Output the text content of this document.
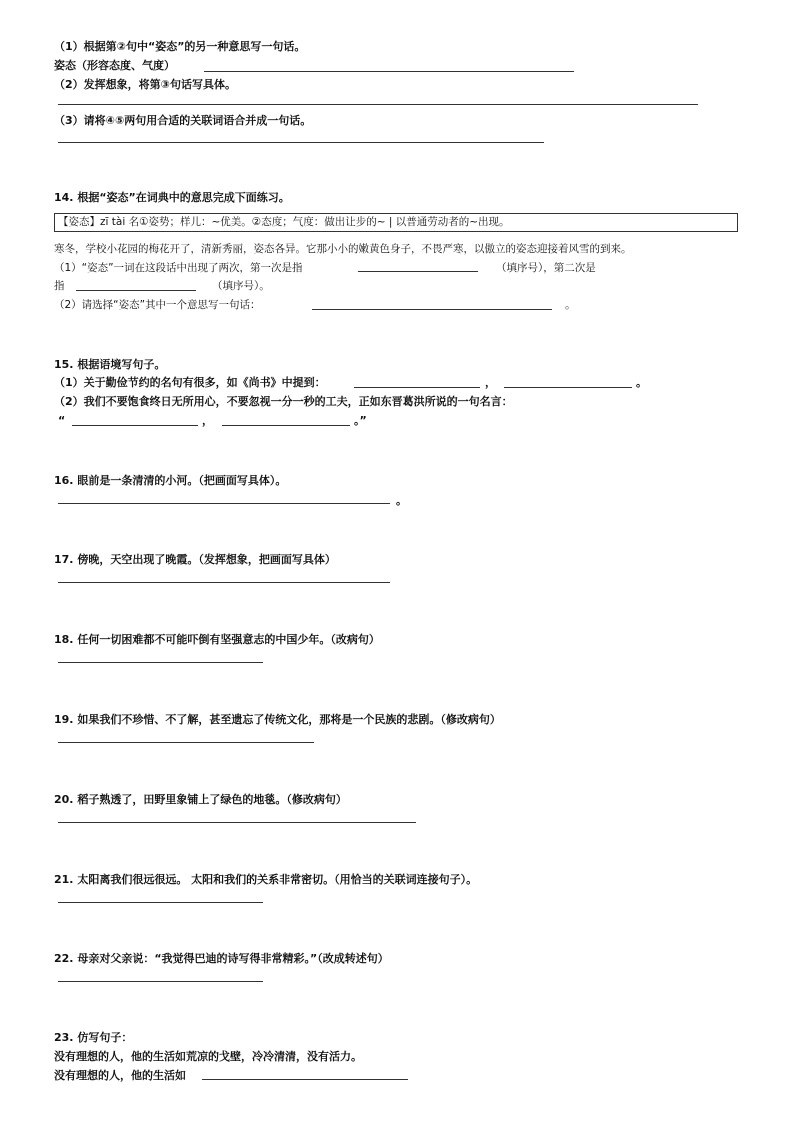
（1）根据第②句中“姿态”的另一种意思写一句话。
姿态（形容态度、气度）
（2）发挥想象，将第③句话写具体。
（3）请将④⑤两句用合适的关联词语合并成一句话。
14. 根据“姿态”在词典中的意思完成下面练习。
【姿态】zī tài 名①姿势；样儿：~优美。②态度；气度：做出让步的~ | 以普通劳动者的~出现。
寒冬，学校小花园的梅花开了，清新秀丽，姿态各异。它那小小的嫩黄色身子，不畏严寒，以傲立的姿态迎接着风雪的到来。
（1）“姿态”一词在这段话中出现了两次，第一次是指	（填序号），第二次是
指	（填序号）。
（2）请选择“姿态”其中一个意思写一句话：	。
15. 根据语境写句子。
（1）关于勤俭节约的名句有很多，如《尚书》中提到：	，	。
（2）我们不要饱食终日无所用心，不要忽视一分一秒的工夫，正如东晋葛洪所说的一句名言：
“	，	。”
16. 眼前是一条清清的小河。（把画面写具体）。
。
17. 傍晚，天空出现了晚霞。（发挥想象，把画面写具体）
18. 任何一切困难都不可能吓倒有坚强意志的中国少年。（改病句）
19. 如果我们不珍惜、不了解，甚至遗忘了传统文化，那将是一个民族的悲剧。（修改病句）
20. 稻子熟透了，田野里象铺上了绿色的地毯。（修改病句）
21. 太阳离我们很远很远。 太阳和我们的关系非常密切。（用恰当的关联词连接句子）。
22. 母亲对父亲说：“我觉得巴迪的诗写得非常精彩。”（改成转述句）
23. 仿写句子：
没有理想的人，他的生活如荒凉的戈壁，冷冷清清，没有活力。
没有理想的人，他的生活如
